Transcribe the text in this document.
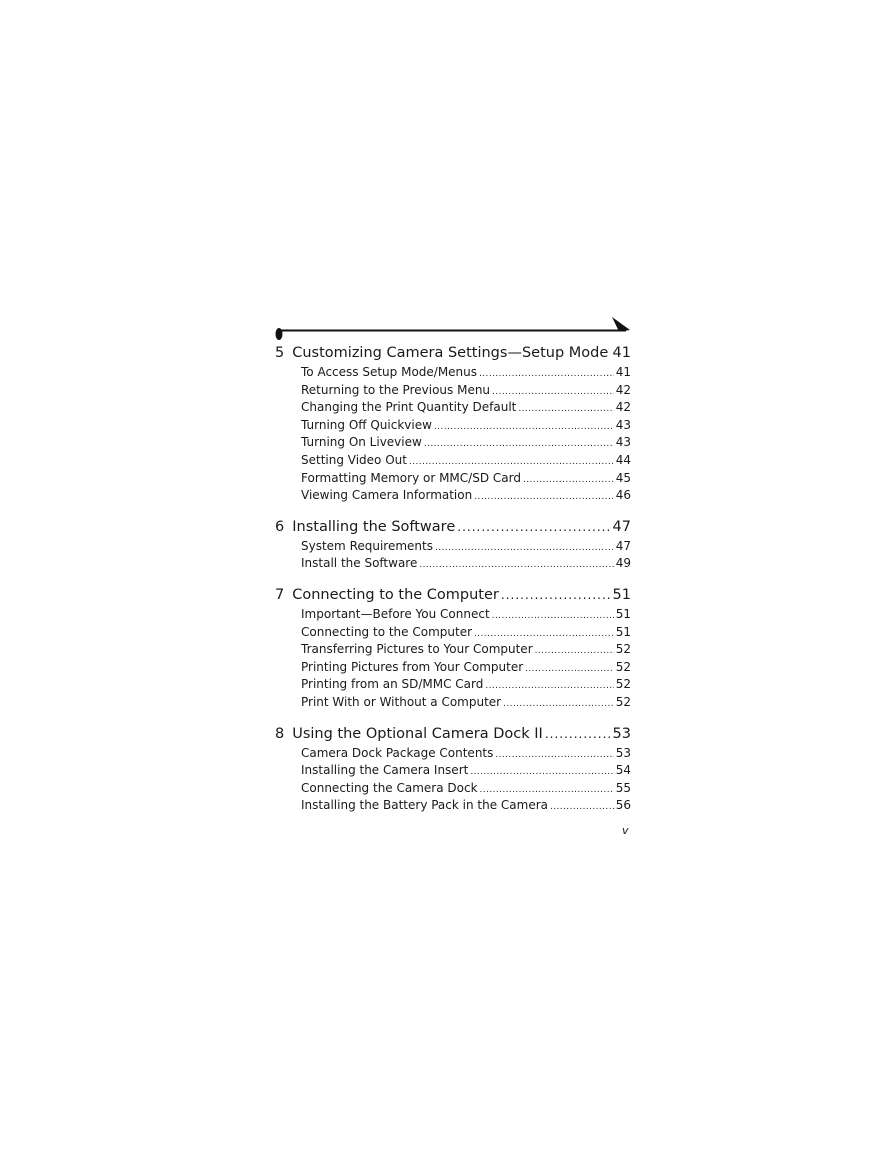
5 Customizing Camera Settings—Setup Mode ..... 41
To Access Setup Mode/Menus .....	41
Returning to the Previous Menu .....	42
Changing the Print Quantity Default .....	42
Turning Off Quickview .....	43
Turning On Liveview .....	43
Setting Video Out .....	44
Formatting Memory or MMC/SD Card .....	45
Viewing Camera Information .....	46
6 Installing the Software .....	47
System Requirements .....	47
Install the Software .....	49
7 Connecting to the Computer .....	51
Important—Before You Connect .....	51
Connecting to the Computer .....	51
Transferring Pictures to Your Computer .....	52
Printing Pictures from Your Computer .....	52
Printing from an SD/MMC Card .....	52
Print With or Without a Computer .....	52
8 Using the Optional Camera Dock II .....	53
Camera Dock Package Contents .....	53
Installing the Camera Insert .....	54
Connecting the Camera Dock .....	55
Installing the Battery Pack in the Camera .....	56
v
